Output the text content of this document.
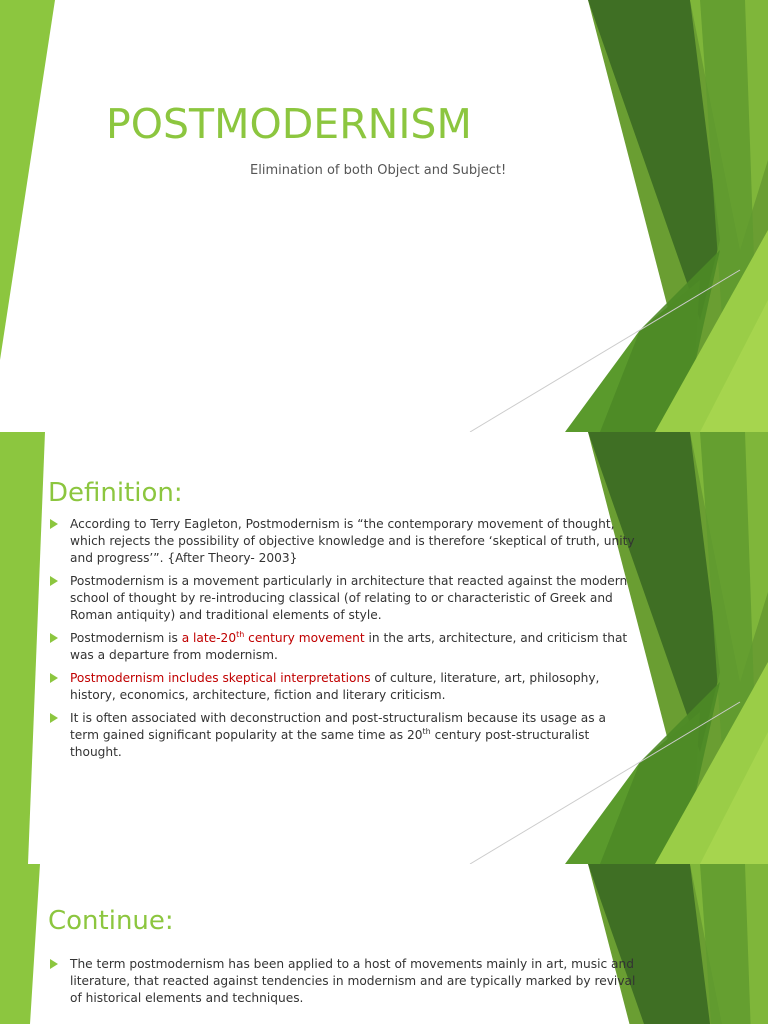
POSTMODERNISM
Elimination of both Object and Subject!
Definition:
According to Terry Eagleton, Postmodernism is “the contemporary movement of thought, which rejects the possibility of objective knowledge and is therefore ‘skeptical of truth, unity and progress’”. {After Theory- 2003}
Postmodernism is a movement particularly in architecture that reacted against the modern school of thought by re-introducing classical (of relating to or characteristic of Greek and Roman antiquity) and traditional elements of style.
Postmodernism is a late-20th century movement in the arts, architecture, and criticism that was a departure from modernism.
Postmodernism includes skeptical interpretations of culture, literature, art, philosophy, history, economics, architecture, fiction and literary criticism.
It is often associated with deconstruction and post-structuralism because its usage as a term gained significant popularity at the same time as 20th century post-structuralist thought.
Continue:
The term postmodernism has been applied to a host of movements mainly in art, music and literature, that reacted against tendencies in modernism and are typically marked by revival of historical elements and techniques.
